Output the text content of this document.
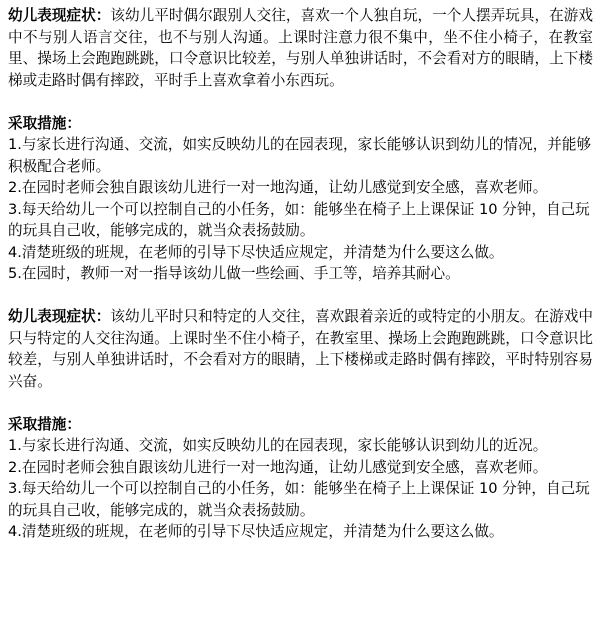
幼儿表现症状：该幼儿平时偶尔跟别人交往，喜欢一个人独自玩，一个人摆弄玩具，在游戏中不与别人语言交往，也不与别人沟通。上课时注意力很不集中，坐不住小椅子，在教室里、操场上会跑跑跳跳，口令意识比较差，与别人单独讲话时，不会看对方的眼睛，上下楼梯或走路时偶有摔跤，平时手上喜欢拿着小东西玩。

采取措施：

1.与家长进行沟通、交流，如实反映幼儿的在园表现，家长能够认识到幼儿的情况，并能够积极配合老师。
2.在园时老师会独自跟该幼儿进行一对一地沟通，让幼儿感觉到安全感，喜欢老师。
3.每天给幼儿一个可以控制自己的小任务，如：能够坐在椅子上上课保证 10 分钟，自己玩的玩具自己收，能够完成的，就当众表扬鼓励。
4.清楚班级的班规，在老师的引导下尽快适应规定，并清楚为什么要这么做。
5.在园时，教师一对一指导该幼儿做一些绘画、手工等，培养其耐心。

幼儿表现症状：该幼儿平时只和特定的人交往，喜欢跟着亲近的或特定的小朋友。在游戏中只与特定的人交往沟通。上课时坐不住小椅子，在教室里、操场上会跑跑跳跳，口令意识比较差，与别人单独讲话时，不会看对方的眼睛，上下楼梯或走路时偶有摔跤，平时特别容易兴奋。

采取措施：

1.与家长进行沟通、交流，如实反映幼儿的在园表现，家长能够认识到幼儿的近况。
2.在园时老师会独自跟该幼儿进行一对一地沟通，让幼儿感觉到安全感，喜欢老师。
3.每天给幼儿一个可以控制自己的小任务，如：能够坐在椅子上上课保证 10 分钟，自己玩的玩具自己收，能够完成的，就当众表扬鼓励。
4.清楚班级的班规，在老师的引导下尽快适应规定，并清楚为什么要这么做。
